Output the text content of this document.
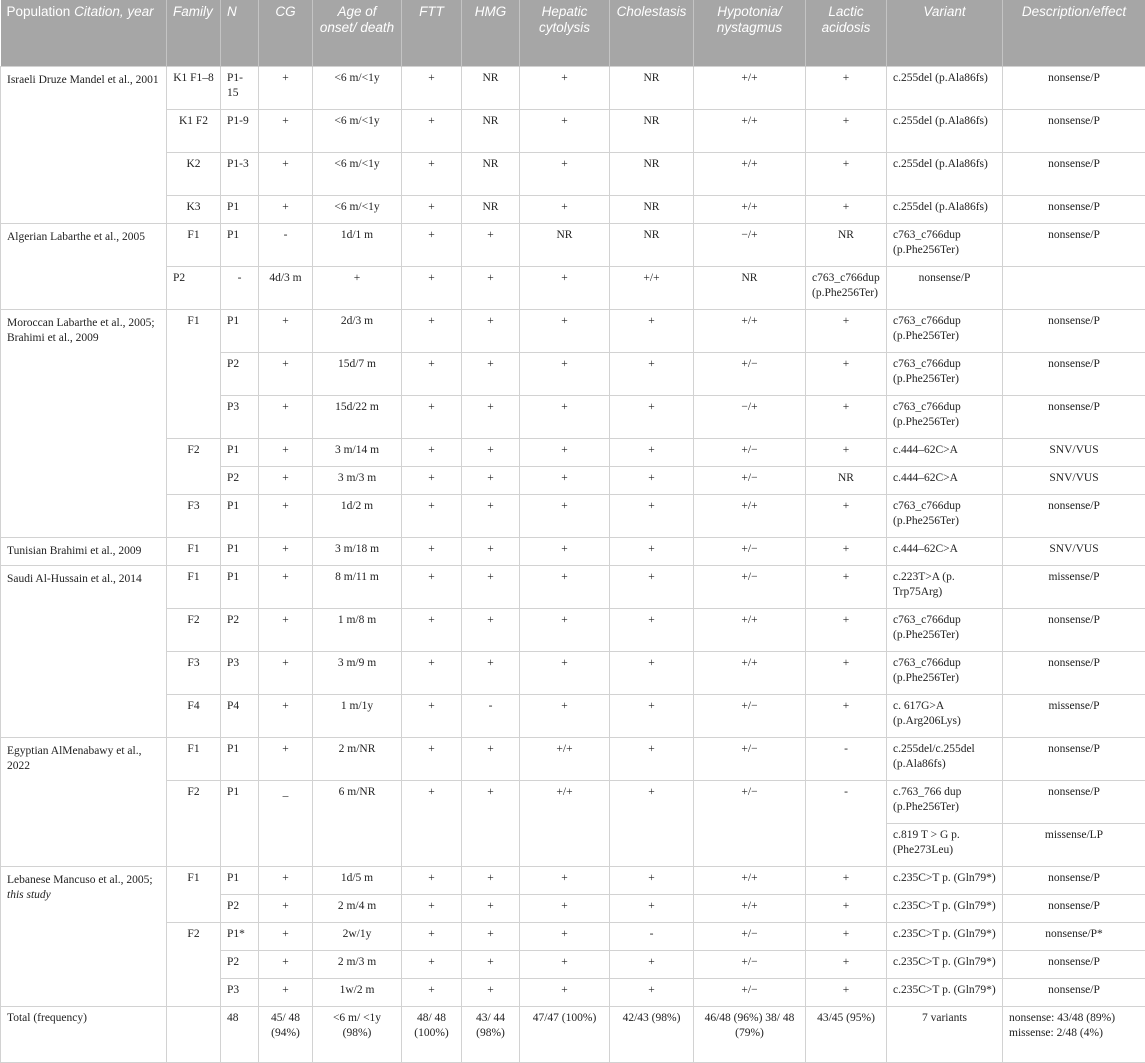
Population Citation, year	Family	N	CG	Age of onset/ death	FTT	HMG	Hepatic cytolysis	Cholestasis	Hypotonia/ nystagmus	Lactic acidosis	Variant	Description/effect
Israeli Druze Mandel et al., 2001	K1 F1–8	P1-15	+	<6 m/<1y	+	NR	+	NR	+/+	+	c.255del (p.Ala86fs)	nonsense/P
	K1 F2	P1-9	+	<6 m/<1y	+	NR	+	NR	+/+	+	c.255del (p.Ala86fs)	nonsense/P
	K2	P1-3	+	<6 m/<1y	+	NR	+	NR	+/+	+	c.255del (p.Ala86fs)	nonsense/P
	K3	P1	+	<6 m/<1y	+	NR	+	NR	+/+	+	c.255del (p.Ala86fs)	nonsense/P
Algerian Labarthe et al., 2005	F1	P1	-	1d/1 m	+	+	NR	NR	−/+	NR	c763_c766dup (p.Phe256Ter)	nonsense/P
	P2	-	4d/3 m	+	+	+	+	+/+	NR	c763_c766dup (p.Phe256Ter)	nonsense/P	
Moroccan Labarthe et al., 2005; Brahimi et al., 2009	F1	P1	+	2d/3 m	+	+	+	+	+/+	+	c763_c766dup (p.Phe256Ter)	nonsense/P
		P2	+	15d/7 m	+	+	+	+	+/−	+	c763_c766dup (p.Phe256Ter)	nonsense/P
		P3	+	15d/22 m	+	+	+	+	−/+	+	c763_c766dup (p.Phe256Ter)	nonsense/P
	F2	P1	+	3 m/14 m	+	+	+	+	+/−	+	c.444–62C>A	SNV/VUS
		P2	+	3 m/3 m	+	+	+	+	+/−	NR	c.444–62C>A	SNV/VUS
	F3	P1	+	1d/2 m	+	+	+	+	+/+	+	c763_c766dup (p.Phe256Ter)	nonsense/P
Tunisian Brahimi et al., 2009	F1	P1	+	3 m/18 m	+	+	+	+	+/−	+	c.444–62C>A	SNV/VUS
Saudi Al-Hussain et al., 2014	F1	P1	+	8 m/11 m	+	+	+	+	+/−	+	c.223T>A (p. Trp75Arg)	missense/P
	F2	P2	+	1 m/8 m	+	+	+	+	+/+	+	c763_c766dup (p.Phe256Ter)	nonsense/P
	F3	P3	+	3 m/9 m	+	+	+	+	+/+	+	c763_c766dup (p.Phe256Ter)	nonsense/P
	F4	P4	+	1 m/1y	+	-	+	+	+/−	+	c. 617G>A (p.Arg206Lys)	missense/P
Egyptian AlMenabawy et al., 2022	F1	P1	+	2 m/NR	+	+	+/+	+	+/−	-	c.255del/c.255del (p.Ala86fs)	nonsense/P
	F2	P1	_	6 m/NR	+	+	+/+	+	+/−	-	c.763_766 dup (p.Phe256Ter)	nonsense/P
											c.819 T > G p. (Phe273Leu)	missense/LP
Lebanese Mancuso et al., 2005; this study	F1	P1	+	1d/5 m	+	+	+	+	+/+	+	c.235C>T p. (Gln79*)	nonsense/P
		P2	+	2 m/4 m	+	+	+	+	+/+	+	c.235C>T p. (Gln79*)	nonsense/P
	F2	P1*	+	2w/1y	+	+	+	-	+/−	+	c.235C>T p. (Gln79*)	nonsense/P*
		P2	+	2 m/3 m	+	+	+	+	+/−	+	c.235C>T p. (Gln79*)	nonsense/P
		P3	+	1w/2 m	+	+	+	+	+/−	+	c.235C>T p. (Gln79*)	nonsense/P
Total (frequency)		48	45/ 48 (94%)	<6 m/ <1y (98%)	48/ 48 (100%)	43/ 44 (98%)	47/47 (100%)	42/43 (98%)	46/48 (96%) 38/ 48 (79%)	43/45 (95%)	7 variants	nonsense: 43/48 (89%)
missense: 2/48 (4%)
